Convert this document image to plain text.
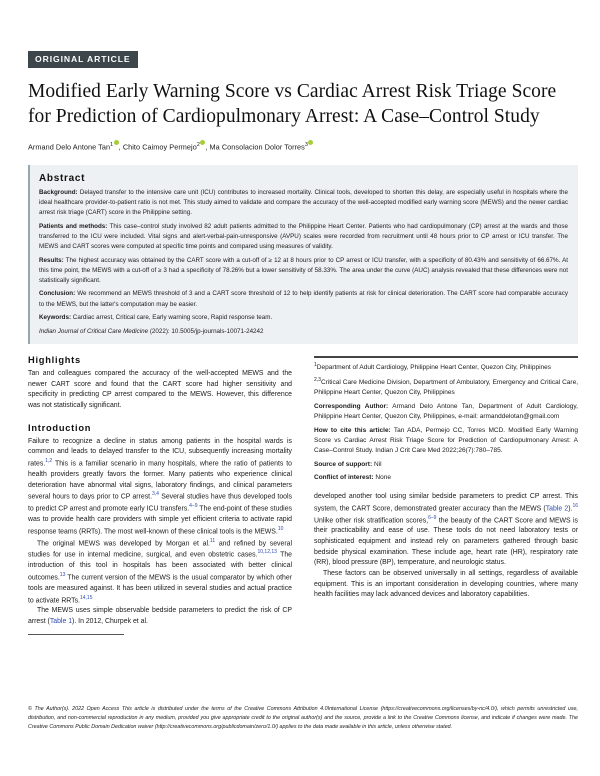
ORIGINAL ARTICLE
Modified Early Warning Score vs Cardiac Arrest Risk Triage Score for Prediction of Cardiopulmonary Arrest: A Case–Control Study
Armand Delo Antone Tan$^1$ , Chito Caimoy Permejo$^2$ , Ma Consolacion Dolor Torres$^3$
Abstract

Background: Delayed transfer to the intensive care unit (ICU) contributes to increased mortality. Clinical tools, developed to shorten this delay, are especially useful in hospitals where the ideal healthcare provider-to-patient ratio is not met. This study aimed to validate and compare the accuracy of the well-accepted modified early warning score (MEWS) and the newer cardiac arrest risk triage (CART) score in the Philippine setting.

Patients and methods: This case–control study involved 82 adult patients admitted to the Philippine Heart Center. Patients who had cardiopulmonary (CP) arrest at the wards and those transferred to the ICU were included. Vital signs and alert-verbal-pain-unresponsive (AVPU) scales were recorded from recruitment until 48 hours prior to CP arrest or ICU transfer. The MEWS and CART scores were computed at specific time points and compared using measures of validity.

Results: The highest accuracy was obtained by the CART score with a cut-off of ≥ 12 at 8 hours prior to CP arrest or ICU transfer, with a specificity of 80.43% and sensitivity of 66.67%. At this time point, the MEWS with a cut-off of ≥ 3 had a specificity of 78.26% but a lower sensitivity of 58.33%. The area under the curve (AUC) analysis revealed that these differences were not statistically significant.

Conclusion: We recommend an MEWS threshold of 3 and a CART score threshold of 12 to help identify patients at risk for clinical deterioration. The CART score had comparable accuracy to the MEWS, but the latter's computation may be easier.

Keywords: Cardiac arrest, Critical care, Early warning score, Rapid response team.

Indian Journal of Critical Care Medicine (2022): 10.5005/jp-journals-10071-24242

Highlights

Tan and colleagues compared the accuracy of the well-accepted MEWS and the newer CART score and found that the CART score had higher sensitivity and specificity in predicting CP arrest compared to the MEWS. However, this difference was not statistically significant.

Introduction

Failure to recognize a decline in status among patients in the hospital wards is common and leads to delayed transfer to the ICU, subsequently increasing mortality rates.$^{1,2}$ This is a familiar scenario in many hospitals, where the ratio of patients to health providers greatly favors the former. Many patients who experience clinical deterioration have abnormal vital signs, laboratory findings, and clinical parameters several hours to days prior to CP arrest.$^{3,4}$ Several studies have thus developed tools to predict CP arrest and promote early ICU transfers.$^{4-9}$ The end-point of these studies was to provide health care providers with simple yet efficient criteria to activate rapid response teams (RRTs). The most well-known of these clinical tools is the MEWS.$^{10}$

The original MEWS was developed by Morgan et al.$^{11}$ and refined by several studies for use in internal medicine, surgical, and even obstetric cases.$^{10,12,13}$ The introduction of this tool in hospitals has been associated with better clinical outcomes.$^{13}$ The current version of the MEWS is the usual comparator by which other tools are measured against. It has been utilized in several studies and actual practice to activate RRTs.$^{14,15}$

The MEWS uses simple observable bedside parameters to predict the risk of CP arrest (Table 1). In 2012, Churpek et al.

$^1$Department of Adult Cardiology, Philippine Heart Center, Quezon City, Philippines

$^{2,3}$Critical Care Medicine Division, Department of Ambulatory, Emergency and Critical Care, Philippine Heart Center, Quezon City, Philippines

Corresponding Author: Armand Delo Antone Tan, Department of Adult Cardiology, Philippine Heart Center, Quezon City, Philippines, e-mail: armanddelotan@gmail.com

How to cite this article: Tan ADA, Permejo CC, Torres MCD. Modified Early Warning Score vs Cardiac Arrest Risk Triage Score for Prediction of Cardiopulmonary Arrest: A Case–Control Study. Indian J Crit Care Med 2022;26(7):780–785.

Source of support: Nil

Conflict of interest: None

developed another tool using similar bedside parameters to predict CP arrest. This system, the CART Score, demonstrated greater accuracy than the MEWS (Table 2).$^{16}$ Unlike other risk stratification scores,$^{6-9}$ the beauty of the CART Score and MEWS is their practicability and ease of use. These tools do not need laboratory tests or sophisticated equipment and instead rely on parameters gathered through basic bedside physical examination. These include age, heart rate (HR), respiratory rate (RR), blood pressure (BP), temperature, and neurologic status.

These factors can be observed universally in all settings, regardless of available equipment. This is an important consideration in developing countries, where many health facilities may lack advanced devices and laboratory capabilities.

© The Author(s). 2022 Open Access This article is distributed under the terms of the Creative Commons Attribution 4.0International License (https://creativecommons.org/licenses/by-nc/4.0/), which permits unrestricted use, distribution, and non-commercial reproduction in any medium, provided you give appropriate credit to the original author(s) and the source, provide a link to the Creative Commons license, and indicate if changes were made. The Creative Commons Public Domain Dedication waiver (http://creativecommons.org/publicdomain/zero/1.0/) applies to the data made available in this article, unless otherwise stated.
